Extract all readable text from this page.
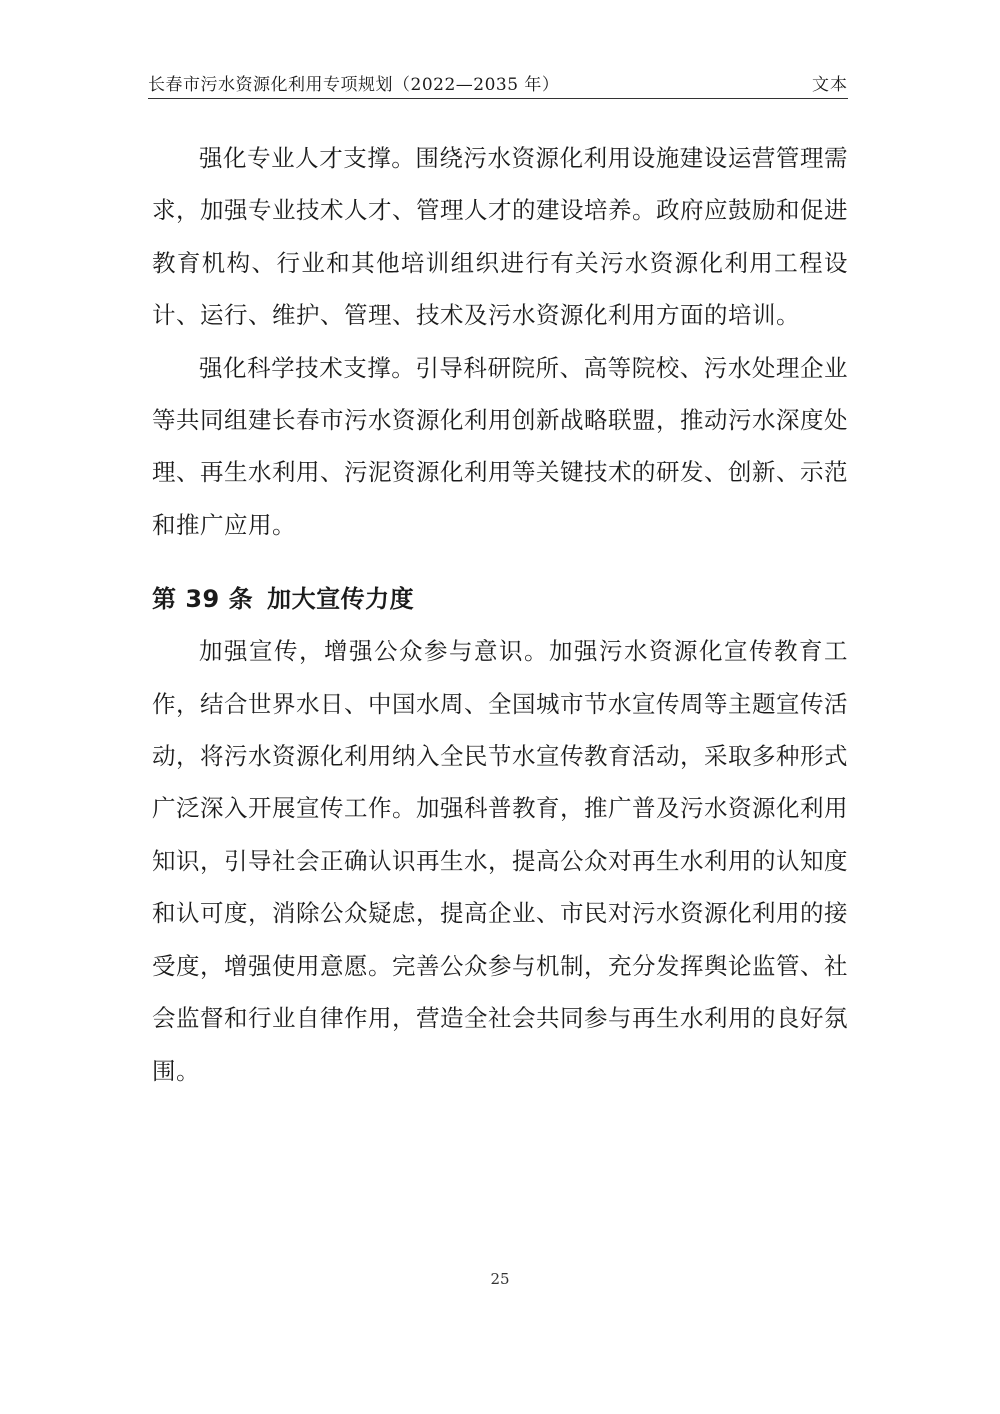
长春市污水资源化利用专项规划（2022—2035 年）	文本

强化专业人才支撑。围绕污水资源化利用设施建设运营管理需求，加强专业技术人才、管理人才的建设培养。政府应鼓励和促进教育机构、行业和其他培训组织进行有关污水资源化利用工程设计、运行、维护、管理、技术及污水资源化利用方面的培训。

强化科学技术支撑。引导科研院所、高等院校、污水处理企业等共同组建长春市污水资源化利用创新战略联盟，推动污水深度处理、再生水利用、污泥资源化利用等关键技术的研发、创新、示范和推广应用。

第 39 条 加大宣传力度

加强宣传，增强公众参与意识。加强污水资源化宣传教育工作，结合世界水日、中国水周、全国城市节水宣传周等主题宣传活动，将污水资源化利用纳入全民节水宣传教育活动，采取多种形式广泛深入开展宣传工作。加强科普教育，推广普及污水资源化利用知识，引导社会正确认识再生水，提高公众对再生水利用的认知度和认可度，消除公众疑虑，提高企业、市民对污水资源化利用的接受度，增强使用意愿。完善公众参与机制，充分发挥舆论监管、社会监督和行业自律作用，营造全社会共同参与再生水利用的良好氛围。

25
